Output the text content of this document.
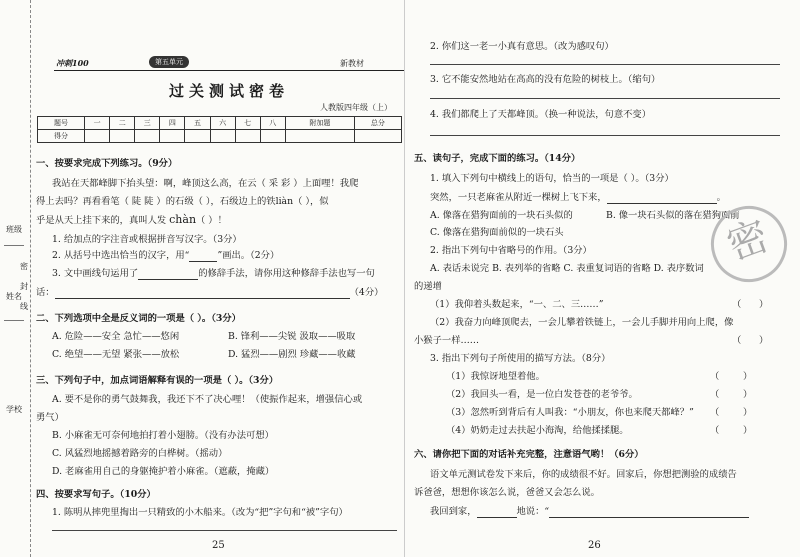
班级
姓名
密
封
线
学校
冲刺100	第五单元	新教材
过关测试密卷
人教版四年级（上）
题号	一	二	三	四	五	六	七	八	附加题	总分
得分										
一、按要求完成下列练习。（9分）
我站在天都峰脚下抬头望：啊，峰顶这么高，在云（ 采 彩 ）上面哩！我爬
得上去吗？再看看笔（ 陡 陡 ）的石级（ ），石级边上的铁liàn（ ），似
乎是从天上挂下来的，真叫人发 chàn（ ）！
1. 给加点的字注音或根据拼音写汉字。（3分）
2. 从括号中选出恰当的汉字，用“	”画出。（2分）
3. 文中画线句运用了	的修辞手法，请你用这种修辞手法也写一句
话：	（4分）
二、下列选项中全是反义词的一项是（ ）。（3分）
A. 危险——安全 急忙——悠闲	B. 锋利——尖锐 汲取——吸取
C. 绝望——无望 紧张——放松	D. 猛烈——剧烈 珍藏——收藏
三、下列句子中，加点词语解释有误的一项是（ ）。（3分）
A. 要不是你的勇气鼓舞我，我还下不了决心哩！（使振作起来，增强信心或
勇气）
B. 小麻雀无可奈何地拍打着小翅膀。（没有办法可想）
C. 风猛烈地摇撼着路旁的白桦树。（摇动）
D. 老麻雀用自己的身躯掩护着小麻雀。（遮蔽，掩藏）
四、按要求写句子。（10分）
1. 陈明从摔兜里掏出一只精致的小木船来。（改为“把”字句和“被”字句）
25
2. 你们这一老一小真有意思。（改为感叹句）
3. 它不能安然地站在高高的没有危险的树枝上。（缩句）
4. 我们都爬上了天都峰顶。（换一种说法，句意不变）
五、读句子，完成下面的练习。（14分）
1. 填入下列句中横线上的语句，恰当的一项是（ ）。（3分）
突然，一只老麻雀从附近一棵树上飞下来，	。
A. 像落在猎狗面前的一块石头似的	B. 像一块石头似的落在猎狗面前
C. 像落在猎狗面前似的一块石头
2. 指出下列句中省略号的作用。（3分）
A. 表话未说完 B. 表列举的省略 C. 表重复词语的省略 D. 表序数词
的递增
（1）我仰着头数起来，“一、二、三……”	（      ）
（2）我奋力向峰顶爬去，一会儿攀着铁链上，一会儿手脚并用向上爬，像
小猴子一样……	（      ）
3. 指出下列句子所使用的描写方法。（8分）
（1）我惊讶地望着他。	（        ）
（2）我回头一看，是一位白发苍苍的老爷爷。	（        ）
（3）忽然听到背后有人叫我：“小朋友，你也来爬天都峰？” （        ）
（4）奶奶走过去扶起小海淘，给他揉揉腿。	（        ）
六、请你把下面的对话补充完整，注意语气哟！（6分）
语文单元测试卷发下来后，你的成绩很不好。回家后，你想把测验的成绩告
诉爸爸，想想你该怎么说，爸爸又会怎么说。
我回到家，	地说：“
密
26
